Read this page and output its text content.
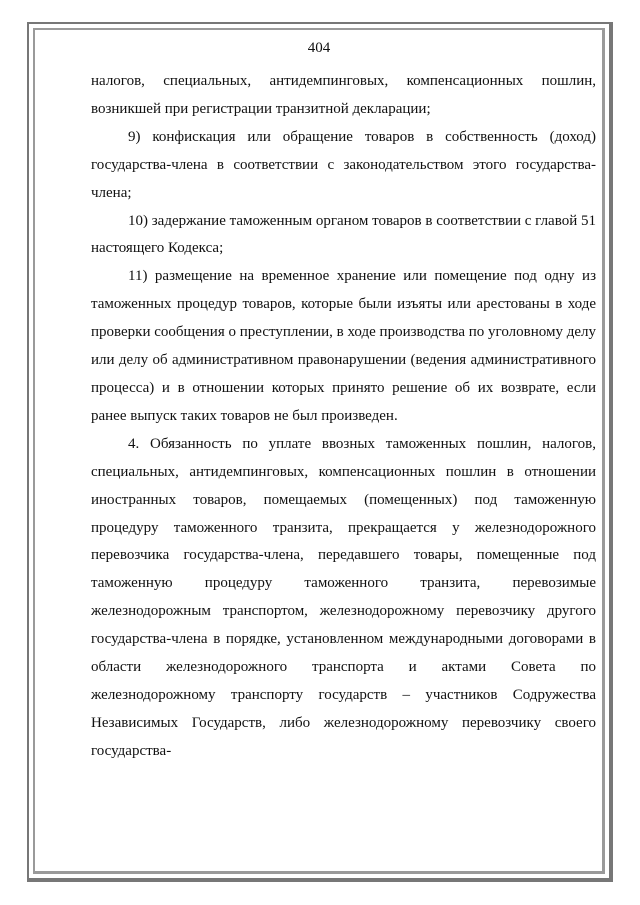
404

налогов, специальных, антидемпинговых, компенсационных пошлин, возникшей при регистрации транзитной декларации;

9) конфискация или обращение товаров в собственность (доход) государства-члена в соответствии с законодательством этого государства-члена;

10) задержание таможенным органом товаров в соответствии с главой 51 настоящего Кодекса;

11) размещение на временное хранение или помещение под одну из таможенных процедур товаров, которые были изъяты или арестованы в ходе проверки сообщения о преступлении, в ходе производства по уголовному делу или делу об административном правонарушении (ведения административного процесса) и в отношении которых принято решение об их возврате, если ранее выпуск таких товаров не был произведен.

4. Обязанность по уплате ввозных таможенных пошлин, налогов, специальных, антидемпинговых, компенсационных пошлин в отношении иностранных товаров, помещаемых (помещенных) под таможенную процедуру таможенного транзита, прекращается у железнодорожного перевозчика государства-члена, передавшего товары, помещенные под таможенную процедуру таможенного транзита, перевозимые железнодорожным транспортом, железнодорожному перевозчику другого государства-члена в порядке, установленном международными договорами в области железнодорожного транспорта и актами Совета по железнодорожному транспорту государств – участников Содружества Независимых Государств, либо железнодорожному перевозчику своего государства-
